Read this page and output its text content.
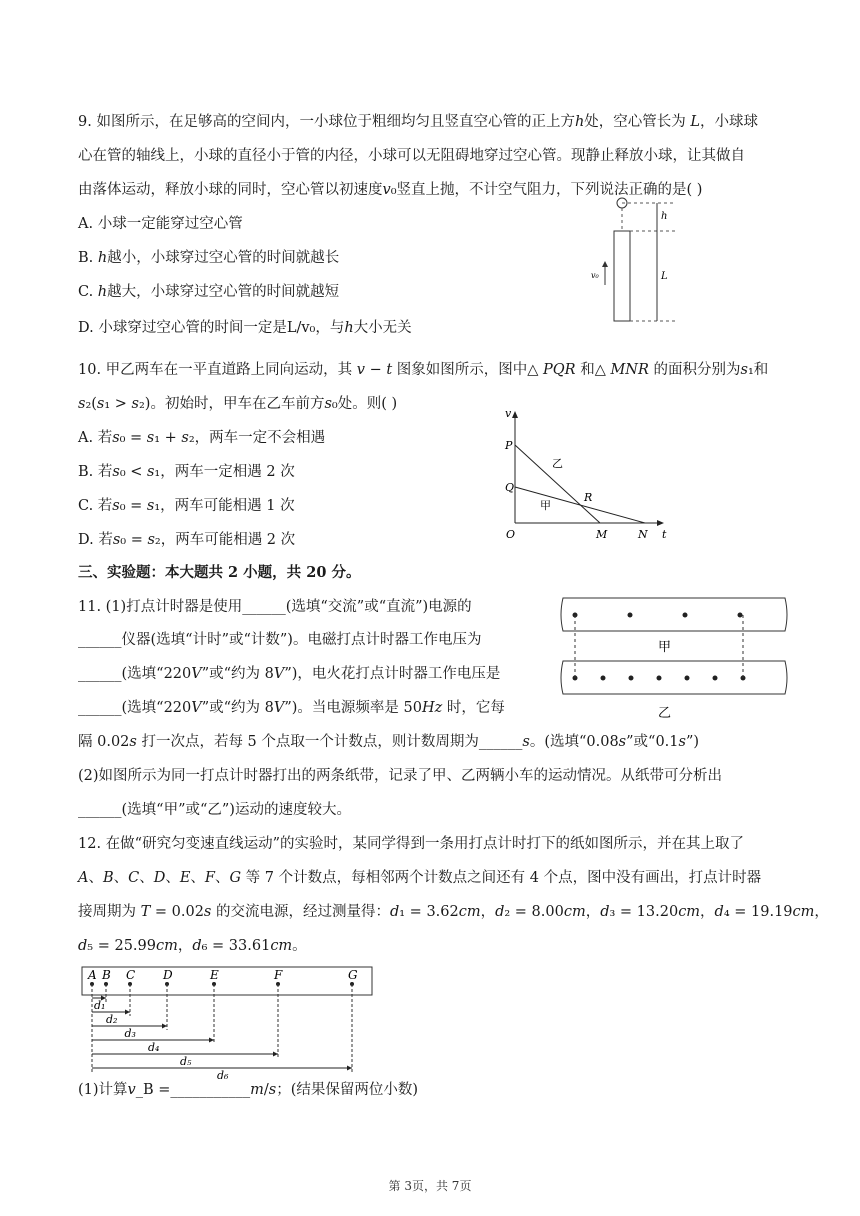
9. 如图所示，在足够高的空间内，一小球位于粗细均匀且竖直空心管的正上方ℎ处，空心管长为 𝐿，小球球
心在管的轴线上，小球的直径小于管的内径，小球可以无阻碍地穿过空心管。现静止释放小球，让其做自
由落体运动，释放小球的同时，空心管以初速度𝑣₀竖直上抛，不计空气阻力，下列说法正确的是( )
A. 小球一定能穿过空心管
B. ℎ越小，小球穿过空心管的时间就越长
C. ℎ越大，小球穿过空心管的时间就越短
D. 小球穿过空心管的时间一定是L/v₀，与ℎ大小无关
h
L
v₀
10. 甲乙两车在一平直道路上同向运动，其 𝑣 − 𝑡 图象如图所示，图中△ 𝑃𝑄𝑅 和△ 𝑀𝑁𝑅 的面积分别为𝑠₁和
𝑠₂(𝑠₁ > 𝑠₂)。初始时，甲车在乙车前方𝑠₀处。则( )
A. 若𝑠₀ = 𝑠₁ + 𝑠₂，两车一定不会相遇
B. 若𝑠₀ < 𝑠₁，两车一定相遇 2 次
C. 若𝑠₀ = 𝑠₁，两车可能相遇 1 次
D. 若𝑠₀ = 𝑠₂，两车可能相遇 2 次
v
t
P
Q
R
O	M	N
乙
甲
三、实验题：本大题共 2 小题，共 20 分。
11. (1)打点计时器是使用______(选填“交流”或“直流”)电源的
______仪器(选填“计时”或“计数”)。电磁打点计时器工作电压为
______(选填“220𝑉”或“约为 8𝑉”)，电火花打点计时器工作电压是
______(选填“220𝑉”或“约为 8𝑉”)。当电源频率是 50𝐻𝑧 时，它每
隔 0.02𝑠 打一次点，若每 5 个点取一个计数点，则计数周期为______𝑠。(选填“0.08𝑠”或“0.1𝑠”)
(2)如图所示为同一打点计时器打出的两条纸带，记录了甲、乙两辆小车的运动情况。从纸带可分析出
______(选填“甲”或“乙”)运动的速度较大。
甲
乙
12. 在做“研究匀变速直线运动”的实验时，某同学得到一条用打点计时打下的纸如图所示，并在其上取了
𝐴、𝐵、𝐶、𝐷、𝐸、𝐹、𝐺 等 7 个计数点，每相邻两个计数点之间还有 4 个点，图中没有画出，打点计时器
接周期为 𝑇 = 0.02𝑠 的交流电源，经过测量得：𝑑₁ = 3.62𝑐𝑚，𝑑₂ = 8.00𝑐𝑚，𝑑₃ = 13.20𝑐𝑚，𝑑₄ = 19.19𝑐𝑚，
𝑑₅ = 25.99𝑐𝑚，𝑑₆ = 33.61𝑐𝑚。
A B C D	E	F	G
d₁
d₂
d₃
d₄
d₅
d₆
(1)计算𝑣_B =___________𝑚/𝑠；(结果保留两位小数)
第 3页，共 7页
